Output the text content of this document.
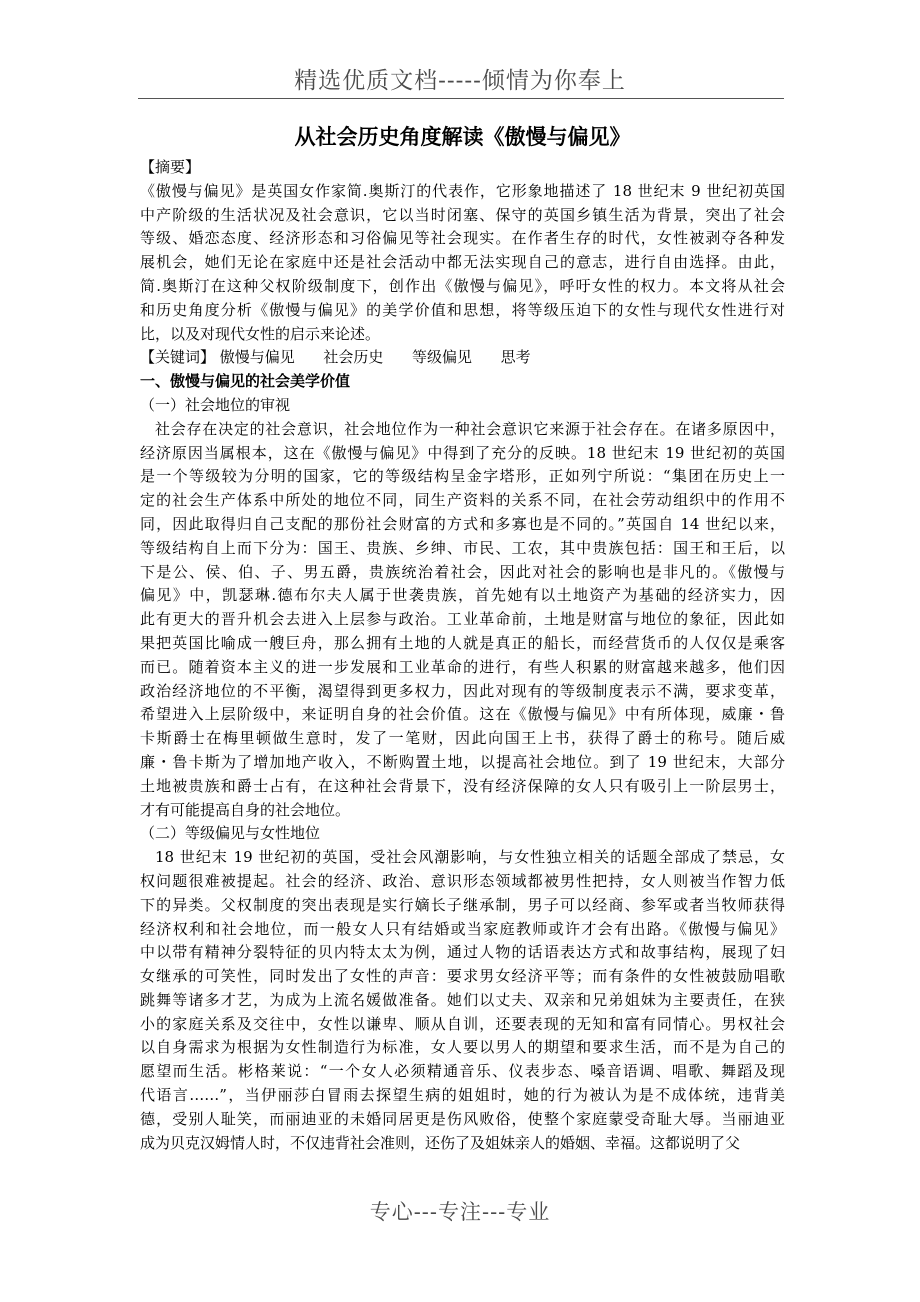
精选优质文档-----倾情为你奉上
从社会历史角度解读《傲慢与偏见》
【摘要】
《傲慢与偏见》是英国女作家简.奥斯汀的代表作，它形象地描述了 18 世纪末 9 世纪初英国
中产阶级的生活状况及社会意识，它以当时闭塞、保守的英国乡镇生活为背景，突出了社会
等级、婚恋态度、经济形态和习俗偏见等社会现实。在作者生存的时代，女性被剥夺各种发
展机会，她们无论在家庭中还是社会活动中都无法实现自己的意志，进行自由选择。由此，
简.奥斯汀在这种父权阶级制度下，创作出《傲慢与偏见》，呼吁女性的权力。本文将从社会
和历史角度分析《傲慢与偏见》的美学价值和思想，将等级压迫下的女性与现代女性进行对
比，以及对现代女性的启示来论述。
【关键词】 傲慢与偏见      社会历史      等级偏见      思考
一、傲慢与偏见的社会美学价值
（一）社会地位的审视
社会存在决定的社会意识，社会地位作为一种社会意识它来源于社会存在。在诸多原因中，
经济原因当属根本，这在《傲慢与偏见》中得到了充分的反映。18 世纪末 19 世纪初的英国
是一个等级较为分明的国家，它的等级结构呈金字塔形，正如列宁所说：“集团在历史上一
定的社会生产体系中所处的地位不同，同生产资料的关系不同，在社会劳动组织中的作用不
同，因此取得归自己支配的那份社会财富的方式和多寡也是不同的。”英国自 14 世纪以来，
等级结构自上而下分为：国王、贵族、乡绅、市民、工农，其中贵族包括：国王和王后，以
下是公、侯、伯、子、男五爵，贵族统治着社会，因此对社会的影响也是非凡的。《傲慢与
偏见》中，凯瑟琳.德布尔夫人属于世袭贵族，首先她有以土地资产为基础的经济实力，因
此有更大的晋升机会去进入上层参与政治。工业革命前，土地是财富与地位的象征，因此如
果把英国比喻成一艘巨舟，那么拥有土地的人就是真正的船长，而经营货币的人仅仅是乘客
而已。随着资本主义的进一步发展和工业革命的进行，有些人积累的财富越来越多，他们因
政治经济地位的不平衡，渴望得到更多权力，因此对现有的等级制度表示不满，要求变革，
希望进入上层阶级中，来证明自身的社会价值。这在《傲慢与偏见》中有所体现，威廉・鲁
卡斯爵士在梅里顿做生意时，发了一笔财，因此向国王上书，获得了爵士的称号。随后威
廉・鲁卡斯为了增加地产收入，不断购置土地，以提高社会地位。到了 19 世纪末，大部分
土地被贵族和爵士占有，在这种社会背景下，没有经济保障的女人只有吸引上一阶层男士，
才有可能提高自身的社会地位。
（二）等级偏见与女性地位
18 世纪末 19 世纪初的英国，受社会风潮影响，与女性独立相关的话题全部成了禁忌，女
权问题很难被提起。社会的经济、政治、意识形态领域都被男性把持，女人则被当作智力低
下的异类。父权制度的突出表现是实行嫡长子继承制，男子可以经商、参军或者当牧师获得
经济权利和社会地位，而一般女人只有结婚或当家庭教师或许才会有出路。《傲慢与偏见》
中以带有精神分裂特征的贝内特太太为例，通过人物的话语表达方式和故事结构，展现了妇
女继承的可笑性，同时发出了女性的声音：要求男女经济平等；而有条件的女性被鼓励唱歌
跳舞等诸多才艺，为成为上流名媛做准备。她们以丈夫、双亲和兄弟姐妹为主要责任，在狭
小的家庭关系及交往中，女性以谦卑、顺从自训，还要表现的无知和富有同情心。男权社会
以自身需求为根据为女性制造行为标准，女人要以男人的期望和要求生活，而不是为自己的
愿望而生活。彬格莱说：“一个女人必须精通音乐、仪表步态、嗓音语调、唱歌、舞蹈及现
代语言……”，当伊丽莎白冒雨去探望生病的姐姐时，她的行为被认为是不成体统，违背美
德，受别人耻笑，而丽迪亚的未婚同居更是伤风败俗，使整个家庭蒙受奇耻大辱。当丽迪亚
成为贝克汉姆情人时，不仅违背社会准则，还伤了及姐妹亲人的婚姻、幸福。这都说明了父
专心---专注---专业
